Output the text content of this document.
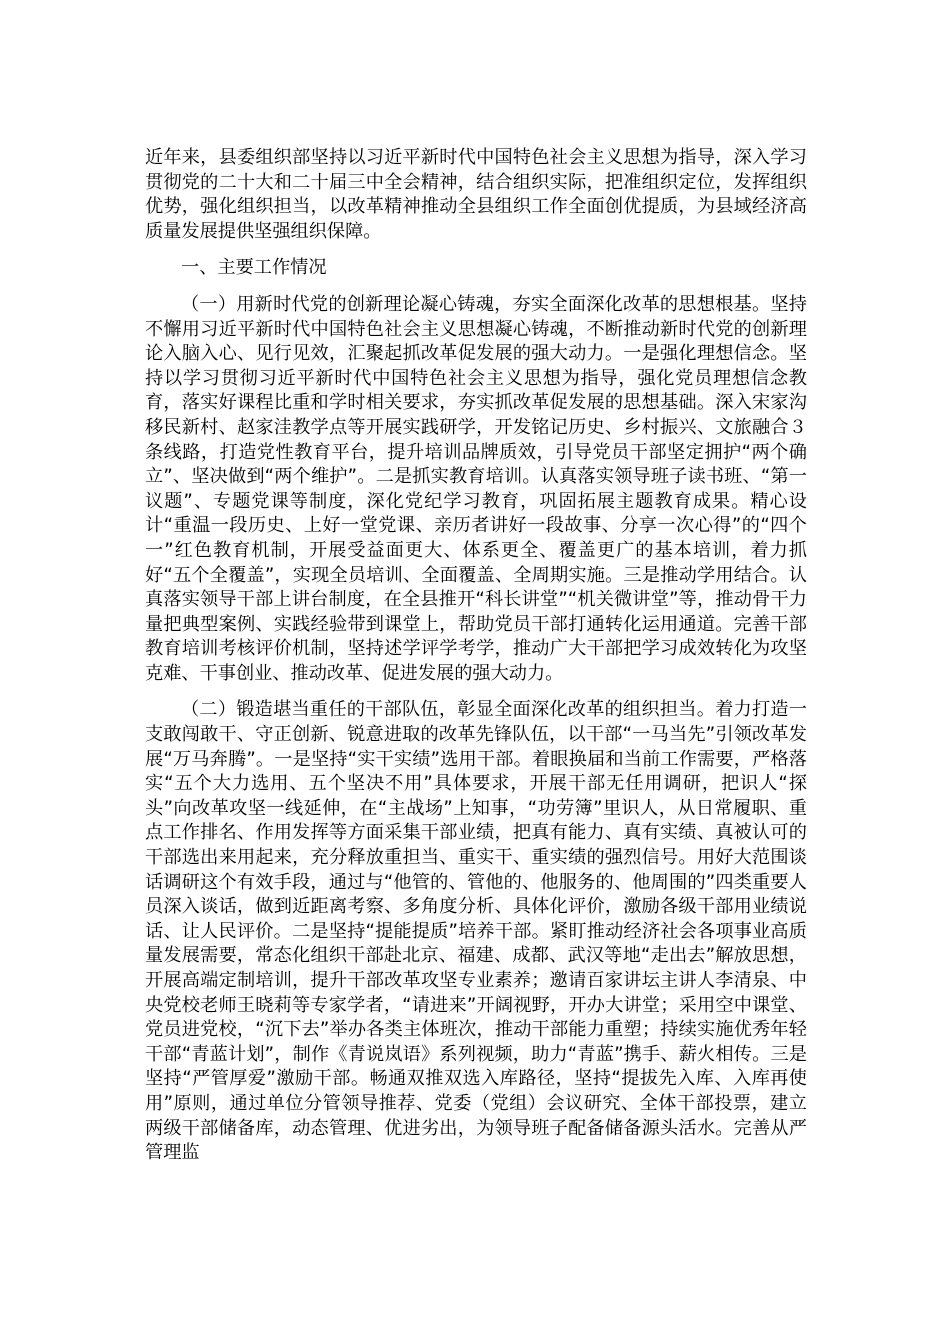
近年来，县委组织部坚持以习近平新时代中国特色社会主义思想为指导，深入学习贯彻党的二十大和二十届三中全会精神，结合组织实际，把准组织定位，发挥组织优势，强化组织担当，以改革精神推动全县组织工作全面创优提质，为县域经济高质量发展提供坚强组织保障。

一、主要工作情况

（一）用新时代党的创新理论凝心铸魂，夯实全面深化改革的思想根基。坚持不懈用习近平新时代中国特色社会主义思想凝心铸魂，不断推动新时代党的创新理论入脑入心、见行见效，汇聚起抓改革促发展的强大动力。一是强化理想信念。坚持以学习贯彻习近平新时代中国特色社会主义思想为指导，强化党员理想信念教育，落实好课程比重和学时相关要求，夯实抓改革促发展的思想基础。深入宋家沟移民新村、赵家洼教学点等开展实践研学，开发铭记历史、乡村振兴、文旅融合３条线路，打造党性教育平台，提升培训品牌质效，引导党员干部坚定拥护“两个确立”、坚决做到“两个维护”。二是抓实教育培训。认真落实领导班子读书班、“第一议题”、专题党课等制度，深化党纪学习教育，巩固拓展主题教育成果。精心设计“重温一段历史、上好一堂党课、亲历者讲好一段故事、分享一次心得”的“四个一”红色教育机制，开展受益面更大、体系更全、覆盖更广的基本培训，着力抓好“五个全覆盖”，实现全员培训、全面覆盖、全周期实施。三是推动学用结合。认真落实领导干部上讲台制度，在全县推开“科长讲堂”“机关微讲堂”等，推动骨干力量把典型案例、实践经验带到课堂上，帮助党员干部打通转化运用通道。完善干部教育培训考核评价机制，坚持述学评学考学，推动广大干部把学习成效转化为攻坚克难、干事创业、推动改革、促进发展的强大动力。

（二）锻造堪当重任的干部队伍，彰显全面深化改革的组织担当。着力打造一支敢闯敢干、守正创新、锐意进取的改革先锋队伍，以干部“一马当先”引领改革发展“万马奔腾”。一是坚持“实干实绩”选用干部。着眼换届和当前工作需要，严格落实“五个大力选用、五个坚决不用”具体要求，开展干部无任用调研，把识人“探头”向改革攻坚一线延伸，在“主战场”上知事，“功劳簿”里识人，从日常履职、重点工作排名、作用发挥等方面采集干部业绩，把真有能力、真有实绩、真被认可的干部选出来用起来，充分释放重担当、重实干、重实绩的强烈信号。用好大范围谈话调研这个有效手段，通过与“他管的、管他的、他服务的、他周围的”四类重要人员深入谈话，做到近距离考察、多角度分析、具体化评价，激励各级干部用业绩说话、让人民评价。二是坚持“提能提质”培养干部。紧盯推动经济社会各项事业高质量发展需要，常态化组织干部赴北京、福建、成都、武汉等地“走出去”解放思想，开展高端定制培训，提升干部改革攻坚专业素养；邀请百家讲坛主讲人李清泉、中央党校老师王晓莉等专家学者，“请进来”开阔视野，开办大讲堂；采用空中课堂、党员进党校，“沉下去”举办各类主体班次，推动干部能力重塑；持续实施优秀年轻干部“青蓝计划”，制作《青说岚语》系列视频，助力“青蓝”携手、薪火相传。三是坚持“严管厚爱”激励干部。畅通双推双选入库路径，坚持“提拔先入库、入库再使用”原则，通过单位分管领导推荐、党委（党组）会议研究、全体干部投票，建立两级干部储备库，动态管理、优进劣出，为领导班子配备储备源头活水。完善从严管理监
